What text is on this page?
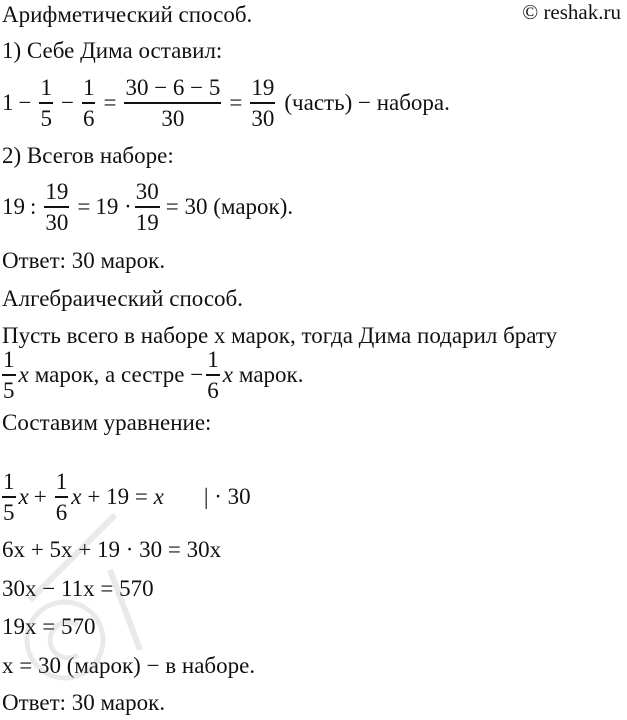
© reshak.ru
Арифметический способ.
1) Себе Дима оставил:
$1 - \frac{1}{5} - \frac{1}{6} = \frac{30 - 6 - 5}{30} = \frac{19}{30}$ (часть) − набора.
2) Всегов наборе:
19 : $\frac{19}{30} = 19 \cdot \frac{30}{19} = 30$ (марок).
Ответ: 30 марок.
Алгебраический способ.
Пусть всего в наборе x марок, тогда Дима подарил брату
$\frac{1}{5}$ x марок, а сестре − $\frac{1}{6}$ x марок.
Составим уравнение:
$\frac{1}{5}$ $x + \frac{1}{6}$ x + 19 = x | · 30
6x + 5x + 19 · 30 = 30x
30x − 11x = 570
19x = 570
x = 30 (марок) − в наборе.
Ответ: 30 марок.
